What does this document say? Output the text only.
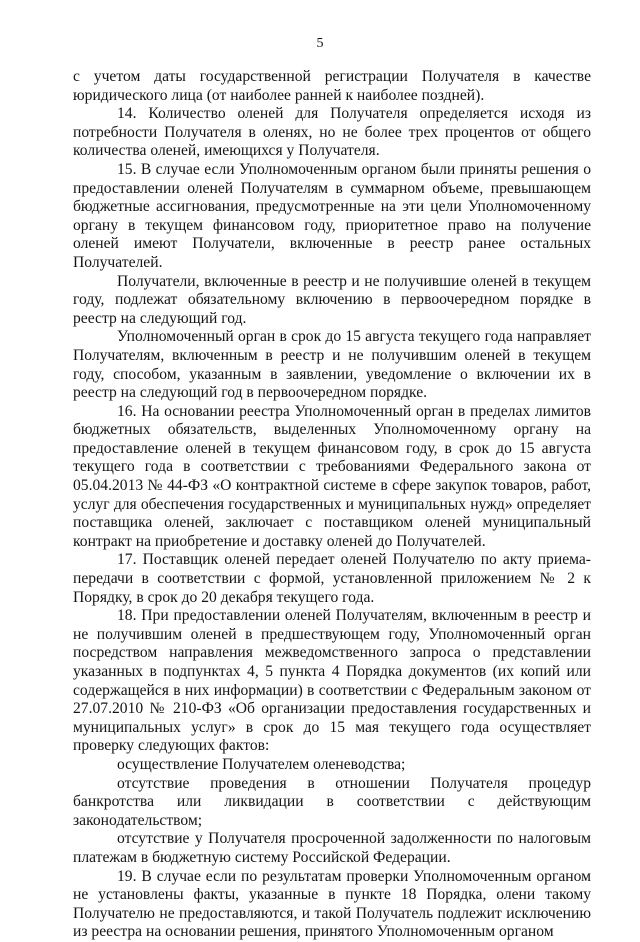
5

с учетом даты государственной регистрации Получателя в качестве юридического лица (от наиболее ранней к наиболее поздней).

14. Количество оленей для Получателя определяется исходя из потребности Получателя в оленях, но не более трех процентов от общего количества оленей, имеющихся у Получателя.

15. В случае если Уполномоченным органом были приняты решения о предоставлении оленей Получателям в суммарном объеме, превышающем бюджетные ассигнования, предусмотренные на эти цели Уполномоченному органу в текущем финансовом году, приоритетное право на получение оленей имеют Получатели, включенные в реестр ранее остальных Получателей.

Получатели, включенные в реестр и не получившие оленей в текущем году, подлежат обязательному включению в первоочередном порядке в реестр на следующий год.

Уполномоченный орган в срок до 15 августа текущего года направляет Получателям, включенным в реестр и не получившим оленей в текущем году, способом, указанным в заявлении, уведомление о включении их в реестр на следующий год в первоочередном порядке.

16. На основании реестра Уполномоченный орган в пределах лимитов бюджетных обязательств, выделенных Уполномоченному органу на предоставление оленей в текущем финансовом году, в срок до 15 августа текущего года в соответствии с требованиями Федерального закона от 05.04.2013 № 44-ФЗ «О контрактной системе в сфере закупок товаров, работ, услуг для обеспечения государственных и муниципальных нужд» определяет поставщика оленей, заключает с поставщиком оленей муниципальный контракт на приобретение и доставку оленей до Получателей.

17. Поставщик оленей передает оленей Получателю по акту приема-передачи в соответствии с формой, установленной приложением № 2 к Порядку, в срок до 20 декабря текущего года.

18. При предоставлении оленей Получателям, включенным в реестр и не получившим оленей в предшествующем году, Уполномоченный орган посредством направления межведомственного запроса о представлении указанных в подпунктах 4, 5 пункта 4 Порядка документов (их копий или содержащейся в них информации) в соответствии с Федеральным законом от 27.07.2010 № 210-ФЗ «Об организации предоставления государственных и муниципальных услуг» в срок до 15 мая текущего года осуществляет проверку следующих фактов:

осуществление Получателем оленеводства;

отсутствие проведения в отношении Получателя процедур банкротства или ликвидации в соответствии с действующим законодательством;

отсутствие у Получателя просроченной задолженности по налоговым платежам в бюджетную систему Российской Федерации.

19. В случае если по результатам проверки Уполномоченным органом не установлены факты, указанные в пункте 18 Порядка, олени такому Получателю не предоставляются, и такой Получатель подлежит исключению из реестра на основании решения, принятого Уполномоченным органом
